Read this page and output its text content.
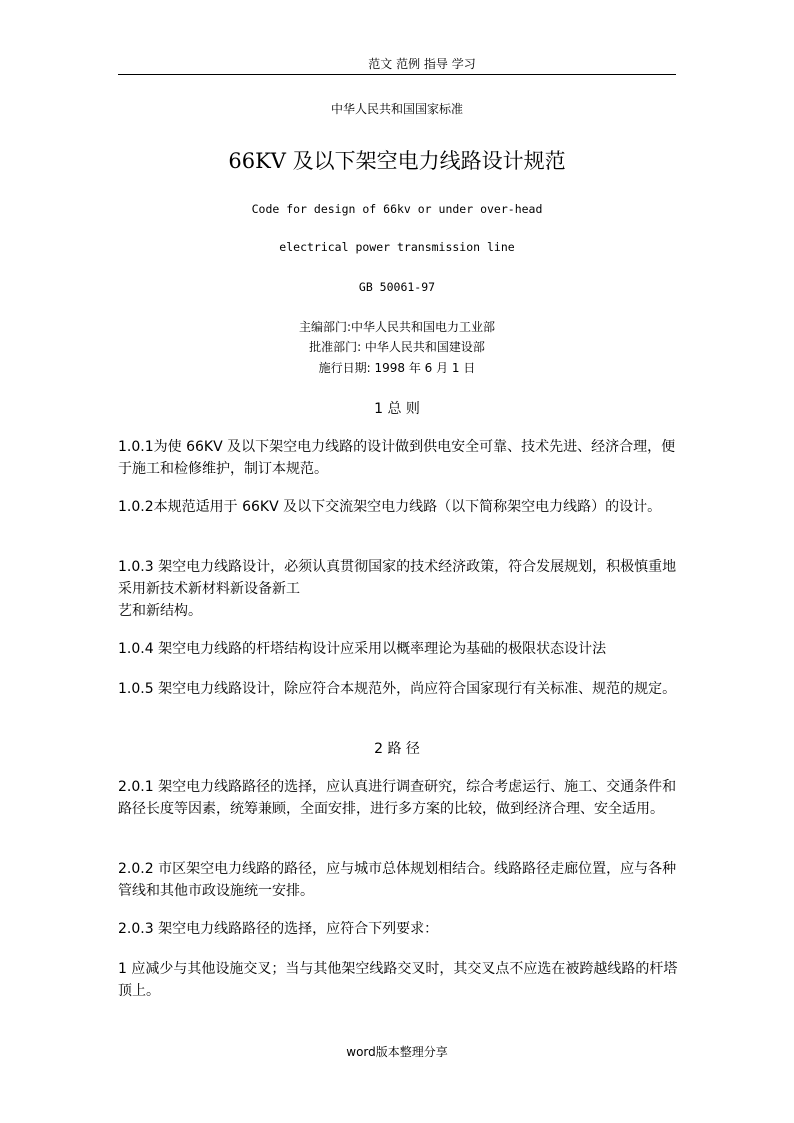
范文 范例 指导 学习
中华人民共和国国家标准
66KV 及以下架空电力线路设计规范
Code for design of 66kv or under over-head
electrical power transmission line
GB 50061-97
主编部门:中华人民共和国电力工业部
批准部门: 中华人民共和国建设部
施行日期: 1998 年 6 月 1 日
1 总 则

1.0.1为使 66KV 及以下架空电力线路的设计做到供电安全可靠、技术先进、经济合理，便于施工和检修维护，制订本规范。

1.0.2本规范适用于 66KV 及以下交流架空电力线路（以下简称架空电力线路）的设计。

1.0.3 架空电力线路设计，必须认真贯彻国家的技术经济政策，符合发展规划，积极慎重地采用新技术新材料新设备新工
艺和新结构。

1.0.4 架空电力线路的杆塔结构设计应采用以概率理论为基础的极限状态设计法

1.0.5 架空电力线路设计，除应符合本规范外，尚应符合国家现行有关标准、规范的规定。

2 路 径

2.0.1 架空电力线路路径的选择，应认真进行调查研究，综合考虑运行、施工、交通条件和路径长度等因素，统筹兼顾，全面安排，进行多方案的比较，做到经济合理、安全适用。

2.0.2 市区架空电力线路的路径，应与城市总体规划相结合。线路路径走廊位置，应与各种管线和其他市政设施统一安排。

2.0.3 架空电力线路路径的选择，应符合下列要求：

1 应减少与其他设施交叉；当与其他架空线路交叉时，其交叉点不应选在被跨越线路的杆塔顶上。

word版本整理分享
